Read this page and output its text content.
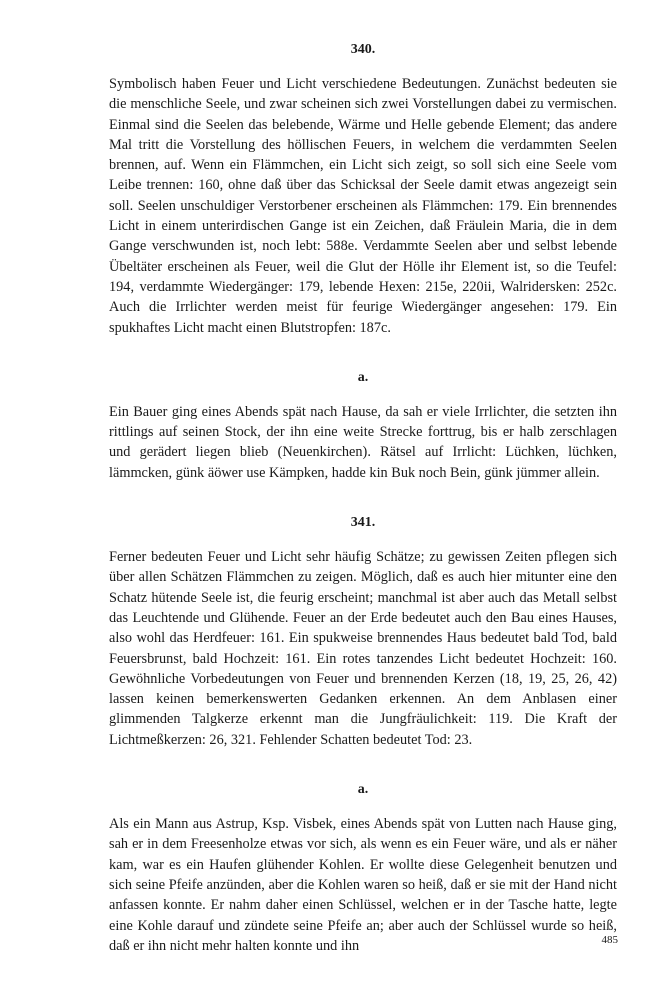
340.

Symbolisch haben Feuer und Licht verschiedene Bedeutungen. Zunächst bedeuten sie die menschliche Seele, und zwar scheinen sich zwei Vorstellungen dabei zu vermischen. Einmal sind die Seelen das belebende, Wärme und Helle gebende Element; das andere Mal tritt die Vorstellung des höllischen Feuers, in welchem die verdammten Seelen brennen, auf. Wenn ein Flämmchen, ein Licht sich zeigt, so soll sich eine Seele vom Leibe trennen: 160, ohne daß über das Schicksal der Seele damit etwas angezeigt sein soll. Seelen unschuldiger Verstorbener erscheinen als Flämmchen: 179. Ein brennendes Licht in einem unterirdischen Gange ist ein Zeichen, daß Fräulein Maria, die in dem Gange verschwunden ist, noch lebt: 588e. Verdammte Seelen aber und selbst lebende Übeltäter erscheinen als Feuer, weil die Glut der Hölle ihr Element ist, so die Teufel: 194, verdammte Wiedergänger: 179, lebende Hexen: 215e, 220ii, Walridersken: 252c. Auch die Irrlichter werden meist für feurige Wiedergänger angesehen: 179. Ein spukhaftes Licht macht einen Blutstropfen: 187c.

a.

Ein Bauer ging eines Abends spät nach Hause, da sah er viele Irrlichter, die setzten ihn rittlings auf seinen Stock, der ihn eine weite Strecke forttrug, bis er halb zerschlagen und gerädert liegen blieb (Neuenkirchen). Rätsel auf Irrlicht: Lüchken, lüchken, lämmcken, günk äöwer use Kämpken, hadde kin Buk noch Bein, günk jümmer allein.

341.

Ferner bedeuten Feuer und Licht sehr häufig Schätze; zu gewissen Zeiten pflegen sich über allen Schätzen Flämmchen zu zeigen. Möglich, daß es auch hier mitunter eine den Schatz hütende Seele ist, die feurig erscheint; manchmal ist aber auch das Metall selbst das Leuchtende und Glühende. Feuer an der Erde bedeutet auch den Bau eines Hauses, also wohl das Herdfeuer: 161. Ein spukweise brennendes Haus bedeutet bald Tod, bald Feuersbrunst, bald Hochzeit: 161. Ein rotes tanzendes Licht bedeutet Hochzeit: 160. Gewöhnliche Vorbedeutungen von Feuer und brennenden Kerzen (18, 19, 25, 26, 42) lassen keinen bemerkenswerten Gedanken erkennen. An dem Anblasen einer glimmenden Talgkerze erkennt man die Jungfräulichkeit: 119. Die Kraft der Lichtmeßkerzen: 26, 321. Fehlender Schatten bedeutet Tod: 23.

a.

Als ein Mann aus Astrup, Ksp. Visbek, eines Abends spät von Lutten nach Hause ging, sah er in dem Freesenholze etwas vor sich, als wenn es ein Feuer wäre, und als er näher kam, war es ein Haufen glühender Kohlen. Er wollte diese Gelegenheit benutzen und sich seine Pfeife anzünden, aber die Kohlen waren so heiß, daß er sie mit der Hand nicht anfassen konnte. Er nahm daher einen Schlüssel, welchen er in der Tasche hatte, legte eine Kohle darauf und zündete seine Pfeife an; aber auch der Schlüssel wurde so heiß, daß er ihn nicht mehr halten konnte und ihn	485
